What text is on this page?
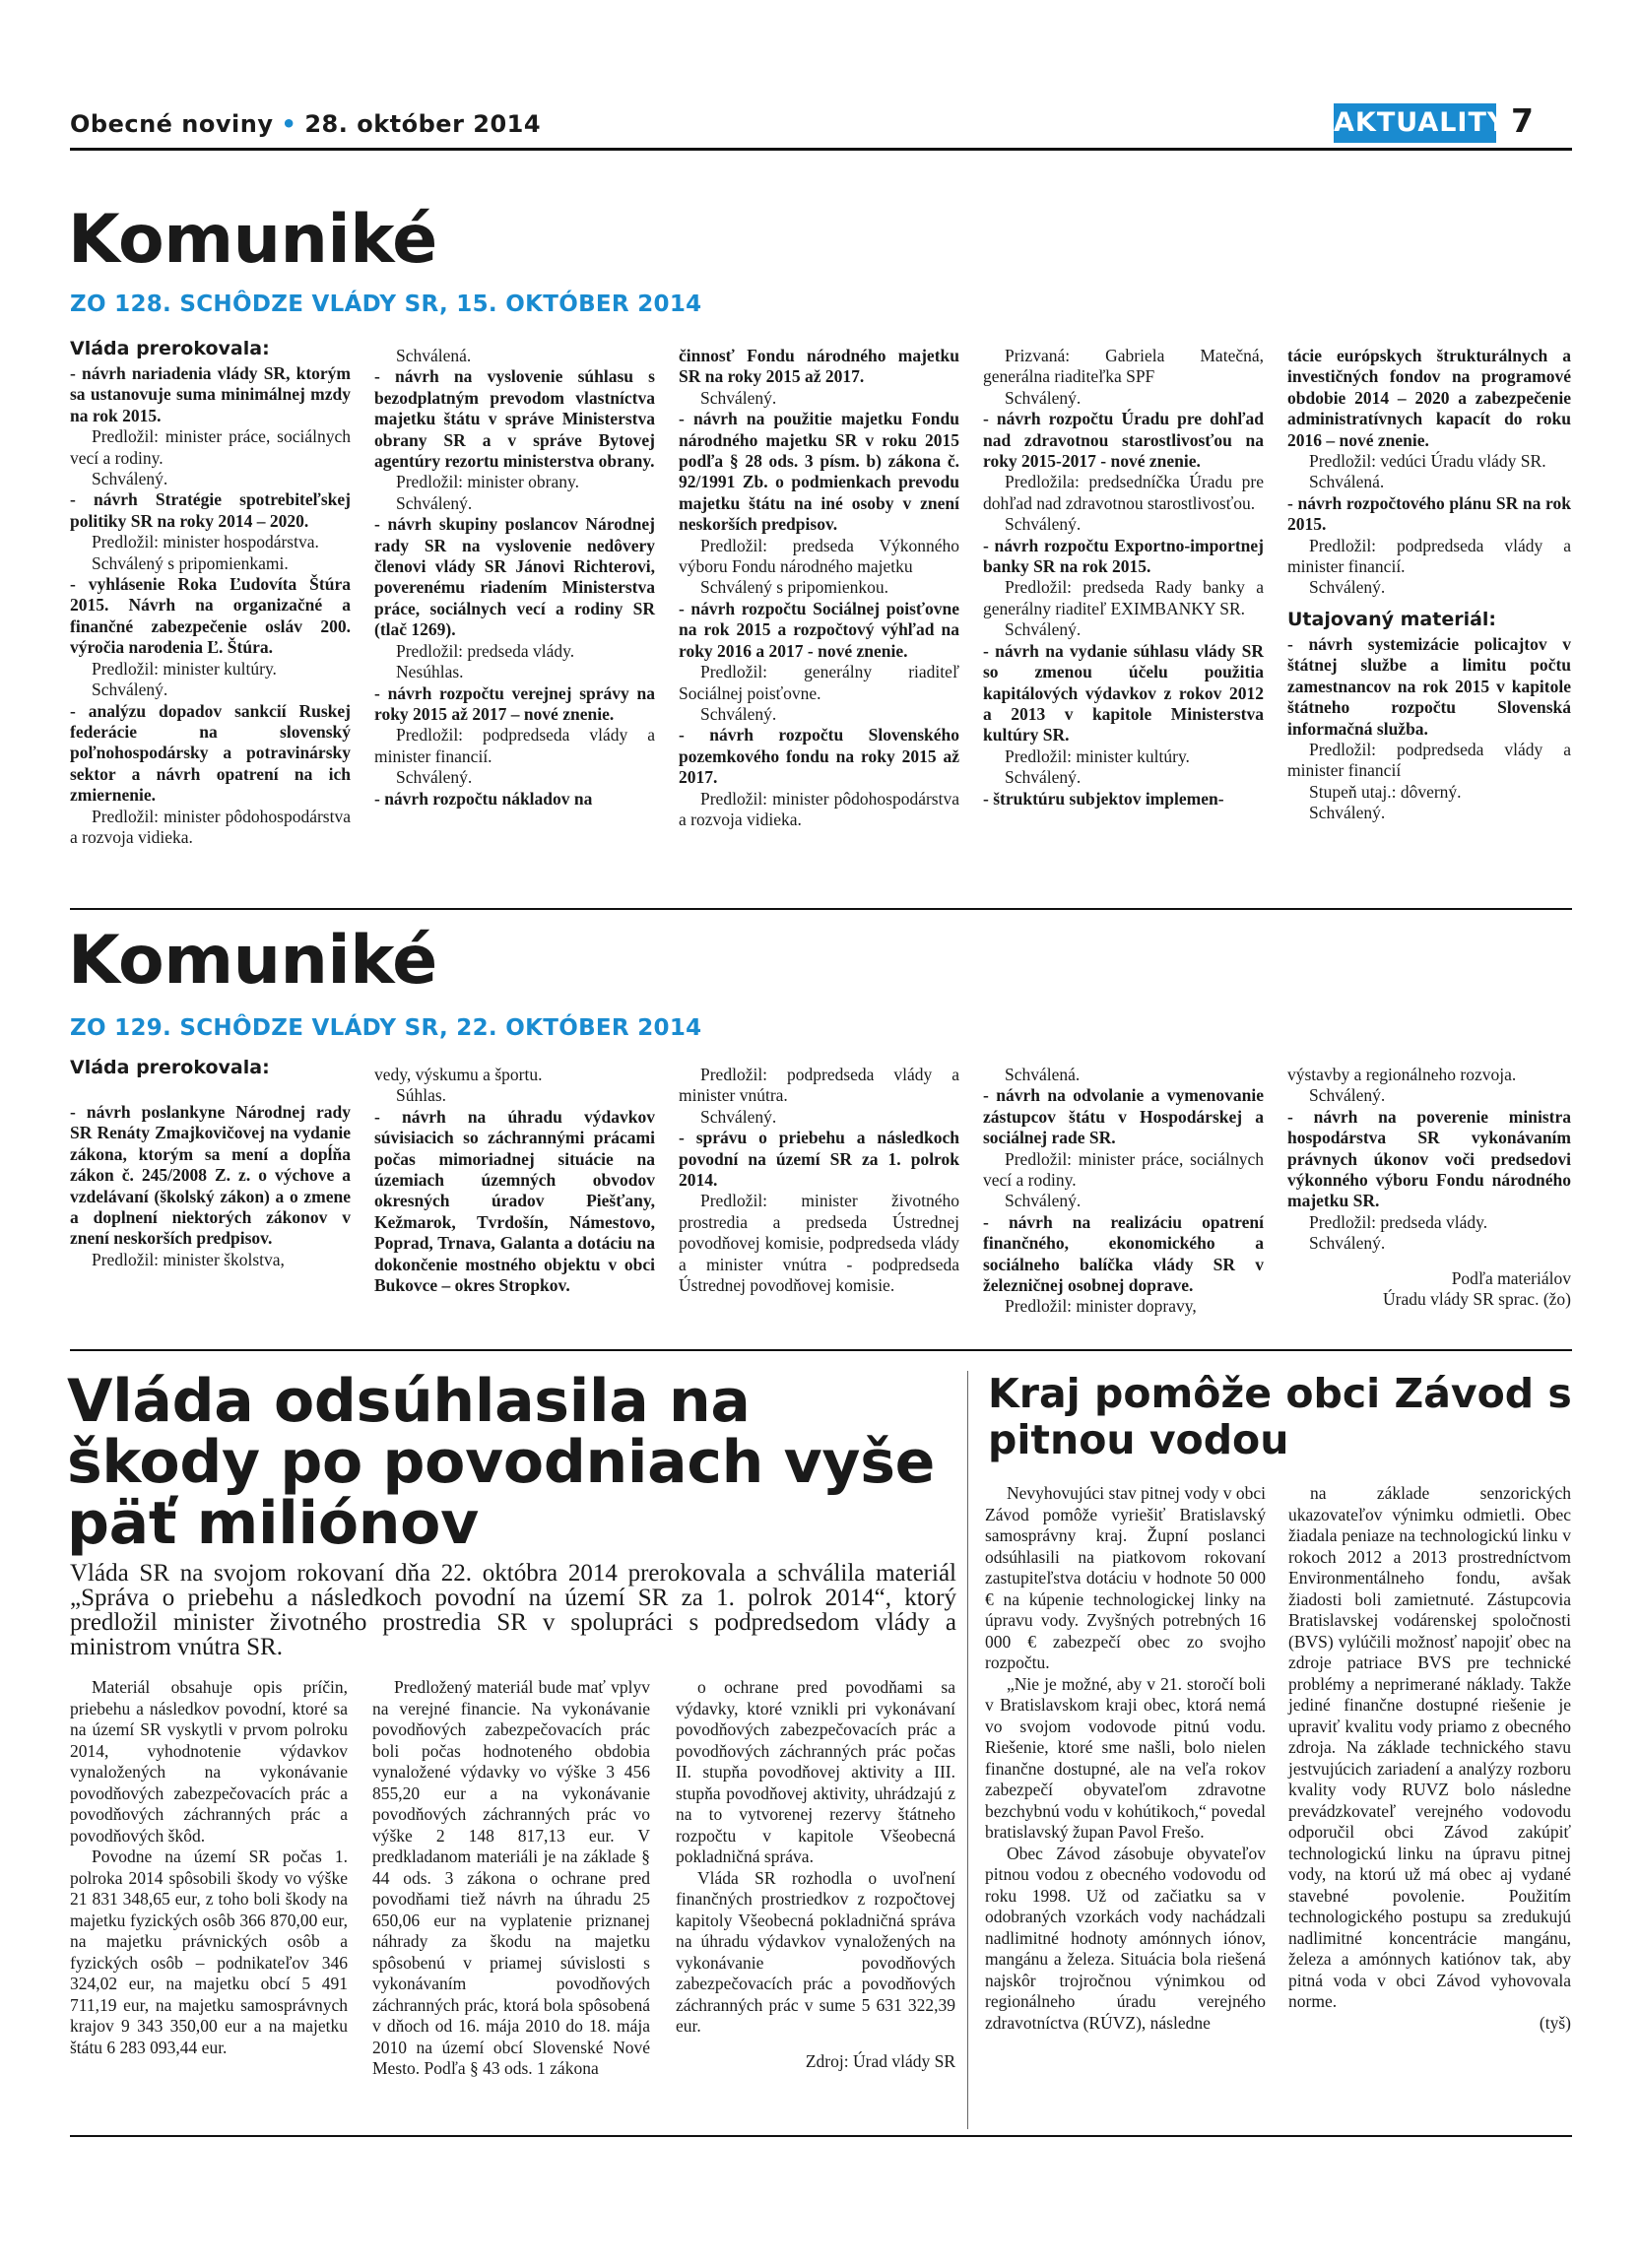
Obecné noviny • 28. október 2014	AKTUALITY 7
Komuniké
ZO 128. SCHÔDZE VLÁDY SR, 15. OKTÓBER 2014

Vláda prerokovala:

- návrh nariadenia vlády SR, ktorým sa ustanovuje suma minimálnej mzdy na rok 2015.

Predložil: minister práce, sociálnych vecí a rodiny.

Schválený.

- návrh Stratégie spotrebiteľskej politiky SR na roky 2014 – 2020.

Predložil: minister hospodárstva.

Schválený s pripomienkami.

- vyhlásenie Roka Ľudovíta Štúra 2015. Návrh na organizačné a finančné zabezpečenie osláv 200. výročia narodenia Ľ. Štúra.

Predložil: minister kultúry.

Schválený.

- analýzu dopadov sankcií Ruskej federácie na slovenský poľnohospodársky a potravinársky sektor a návrh opatrení na ich zmiernenie.

Predložil: minister pôdohospodárstva a rozvoja vidieka.

Schválená.

- návrh na vyslovenie súhlasu s bezodplatným prevodom vlastníctva majetku štátu v správe Ministerstva obrany SR a v správe Bytovej agentúry rezortu ministerstva obrany.

Predložil: minister obrany.

Schválený.

- návrh skupiny poslancov Národnej rady SR na vyslovenie nedôvery členovi vlády SR Jánovi Richterovi, poverenému riadením Ministerstva práce, sociálnych vecí a rodiny SR (tlač 1269).

Predložil: predseda vlády.

Nesúhlas.

- návrh rozpočtu verejnej správy na roky 2015 až 2017 – nové znenie.

Predložil: podpredseda vlády a minister financií.

Schválený.

- návrh rozpočtu nákladov na

činnosť Fondu národného majetku SR na roky 2015 až 2017.

Schválený.

- návrh na použitie majetku Fondu národného majetku SR v roku 2015 podľa § 28 ods. 3 písm. b) zákona č. 92/1991 Zb. o podmienkach prevodu majetku štátu na iné osoby v znení neskorších predpisov.

Predložil: predseda Výkonného výboru Fondu národného majetku

Schválený s pripomienkou.

- návrh rozpočtu Sociálnej poisťovne na rok 2015 a rozpočtový výhľad na roky 2016 a 2017 - nové znenie.

Predložil: generálny riaditeľ Sociálnej poisťovne.

Schválený.

- návrh rozpočtu Slovenského pozemkového fondu na roky 2015 až 2017.

Predložil: minister pôdohospodárstva a rozvoja vidieka.

Prizvaná: Gabriela Matečná, generálna riaditeľka SPF

Schválený.

- návrh rozpočtu Úradu pre dohľad nad zdravotnou starostlivosťou na roky 2015-2017 - nové znenie.

Predložila: predsedníčka Úradu pre dohľad nad zdravotnou starostlivosťou.

Schválený.

- návrh rozpočtu Exportno-importnej banky SR na rok 2015.

Predložil: predseda Rady banky a generálny riaditeľ EXIMBANKY SR.

Schválený.

- návrh na vydanie súhlasu vlády SR so zmenou účelu použitia kapitálových výdavkov z rokov 2012 a 2013 v kapitole Ministerstva kultúry SR.

Predložil: minister kultúry.

Schválený.

- štruktúru subjektov implemen-

tácie európskych štrukturálnych a investičných fondov na programové obdobie 2014 – 2020 a zabezpečenie administratívnych kapacít do roku 2016 – nové znenie.

Predložil: vedúci Úradu vlády SR.

Schválená.

- návrh rozpočtového plánu SR na rok 2015.

Predložil: podpredseda vlády a minister financií.

Schválený.

Utajovaný materiál:

- návrh systemizácie policajtov v štátnej službe a limitu počtu zamestnancov na rok 2015 v kapitole štátneho rozpočtu Slovenská informačná služba.

Predložil: podpredseda vlády a minister financií

Stupeň utaj.: dôverný.

Schválený.

Komuniké
ZO 129. SCHÔDZE VLÁDY SR, 22. OKTÓBER 2014

Vláda prerokovala:

- návrh poslankyne Národnej rady SR Renáty Zmajkovičovej na vydanie zákona, ktorým sa mení a dopĺňa zákon č. 245/2008 Z. z. o výchove a vzdelávaní (školský zákon) a o zmene a doplnení niektorých zákonov v znení neskorších predpisov.

Predložil: minister školstva,

vedy, výskumu a športu.

Súhlas.

- návrh na úhradu výdavkov súvisiacich so záchrannými prácami počas mimoriadnej situácie na územiach územných obvodov okresných úradov Piešťany, Kežmarok, Tvrdošín, Námestovo, Poprad, Trnava, Galanta a dotáciu na dokončenie mostného objektu v obci Bukovce – okres Stropkov.

Predložil: podpredseda vlády a minister vnútra.

Schválený.

- správu o priebehu a následkoch povodní na území SR za 1. polrok 2014.

Predložil: minister životného prostredia a predseda Ústrednej povodňovej komisie, podpredseda vlády a minister vnútra - podpredseda Ústrednej povodňovej komisie.

Schválená.

- návrh na odvolanie a vymenovanie zástupcov štátu v Hospodárskej a sociálnej rade SR.

Predložil: minister práce, sociálnych vecí a rodiny.

Schválený.

- návrh na realizáciu opatrení finančného, ekonomického a sociálneho balíčka vlády SR v železničnej osobnej doprave.

Predložil: minister dopravy,

výstavby a regionálneho rozvoja.

Schválený.

- návrh na poverenie ministra hospodárstva SR vykonávaním právnych úkonov voči predsedovi výkonného výboru Fondu národného majetku SR.

Predložil: predseda vlády.

Schválený.

Podľa materiálov

Úradu vlády SR sprac. (žo)

Vláda odsúhlasila na škody po povodniach vyše päť miliónov
Vláda SR na svojom rokovaní dňa 22. októbra 2014 prerokovala a schválila materiál „Správa o priebehu a následkoch povodní na území SR za 1. polrok 2014“, ktorý predložil minister životného prostredia SR v spolupráci s podpredsedom vlády a ministrom vnútra SR.

Materiál obsahuje opis príčin, priebehu a následkov povodní, ktoré sa na území SR vyskytli v prvom polroku 2014, vyhodnotenie výdavkov vynaložených na vykonávanie povodňových zabezpečovacích prác a povodňových záchranných prác a povodňových škôd.

Povodne na území SR počas 1. polroka 2014 spôsobili škody vo výške 21 831 348,65 eur, z toho boli škody na majetku fyzických osôb 366 870,00 eur, na majetku právnických osôb a fyzických osôb – podnikateľov 346 324,02 eur, na majetku obcí 5 491 711,19 eur, na majetku samosprávnych krajov 9 343 350,00 eur a na majetku štátu 6 283 093,44 eur.

Predložený materiál bude mať vplyv na verejné financie. Na vykonávanie povodňových zabezpečovacích prác boli počas hodnoteného obdobia vynaložené výdavky vo výške 3 456 855,20 eur a na vykonávanie povodňových záchranných prác vo výške 2 148 817,13 eur. V predkladanom materiáli je na základe § 44 ods. 3 zákona o ochrane pred povodňami tiež návrh na úhradu 25 650,06 eur na vyplatenie priznanej náhrady za škodu na majetku spôsobenú v priamej súvislosti s vykonávaním povodňových záchranných prác, ktorá bola spôsobená v dňoch od 16. mája 2010 do 18. mája 2010 na území obcí Slovenské Nové Mesto. Podľa § 43 ods. 1 zákona

o ochrane pred povodňami sa výdavky, ktoré vznikli pri vykonávaní povodňových zabezpečovacích prác a povodňových záchranných prác počas II. stupňa povodňovej aktivity a III. stupňa povodňovej aktivity, uhrádzajú z na to vytvorenej rezervy štátneho rozpočtu v kapitole Všeobecná pokladničná správa.

Vláda SR rozhodla o uvoľnení finančných prostriedkov z rozpočtovej kapitoly Všeobecná pokladničná správa na úhradu výdavkov vynaložených na vykonávanie povodňových zabezpečovacích prác a povodňových záchranných prác v sume 5 631 322,39 eur.

Zdroj: Úrad vlády SR

Kraj pomôže obci Závod s pitnou vodou

Nevyhovujúci stav pitnej vody v obci Závod pomôže vyriešiť Bratislavský samosprávny kraj. Župní poslanci odsúhlasili na piatkovom rokovaní zastupiteľstva dotáciu v hodnote 50 000 € na kúpenie technologickej linky na úpravu vody. Zvyšných potrebných 16 000 € zabezpečí obec zo svojho rozpočtu.

„Nie je možné, aby v 21. storočí boli v Bratislavskom kraji obec, ktorá nemá vo svojom vodovode pitnú vodu. Riešenie, ktoré sme našli, bolo nielen finančne dostupné, ale na veľa rokov zabezpečí obyvateľom zdravotne bezchybnú vodu v kohútikoch,“ povedal bratislavský župan Pavol Frešo.

Obec Závod zásobuje obyvateľov pitnou vodou z obecného vodovodu od roku 1998. Už od začiatku sa v odobraných vzorkách vody nachádzali nadlimitné hodnoty amónnych iónov, mangánu a železa. Situácia bola riešená najskôr trojročnou výnimkou od regionálneho úradu verejného zdravotníctva (RÚVZ), následne

na základe senzorických ukazovateľov výnimku odmietli. Obec žiadala peniaze na technologickú linku v rokoch 2012 a 2013 prostredníctvom Environmentálneho fondu, avšak žiadosti boli zamietnuté. Zástupcovia Bratislavskej vodárenskej spoločnosti (BVS) vylúčili možnosť napojiť obec na zdroje patriace BVS pre technické problémy a neprimerané náklady. Takže jediné finančne dostupné riešenie je upraviť kvalitu vody priamo z obecného zdroja. Na základe technického stavu jestvujúcich zariadení a analýzy rozboru kvality vody RUVZ bolo následne prevádzkovateľ verejného vodovodu odporučil obci Závod zakúpiť technologickú linku na úpravu pitnej vody, na ktorú už má obec aj vydané stavebné povolenie. Použitím technologického postupu sa zredukujú nadlimitné koncentrácie mangánu, železa a amónnych katiónov tak, aby pitná voda v obci Závod vyhovovala norme.

(tyš)
